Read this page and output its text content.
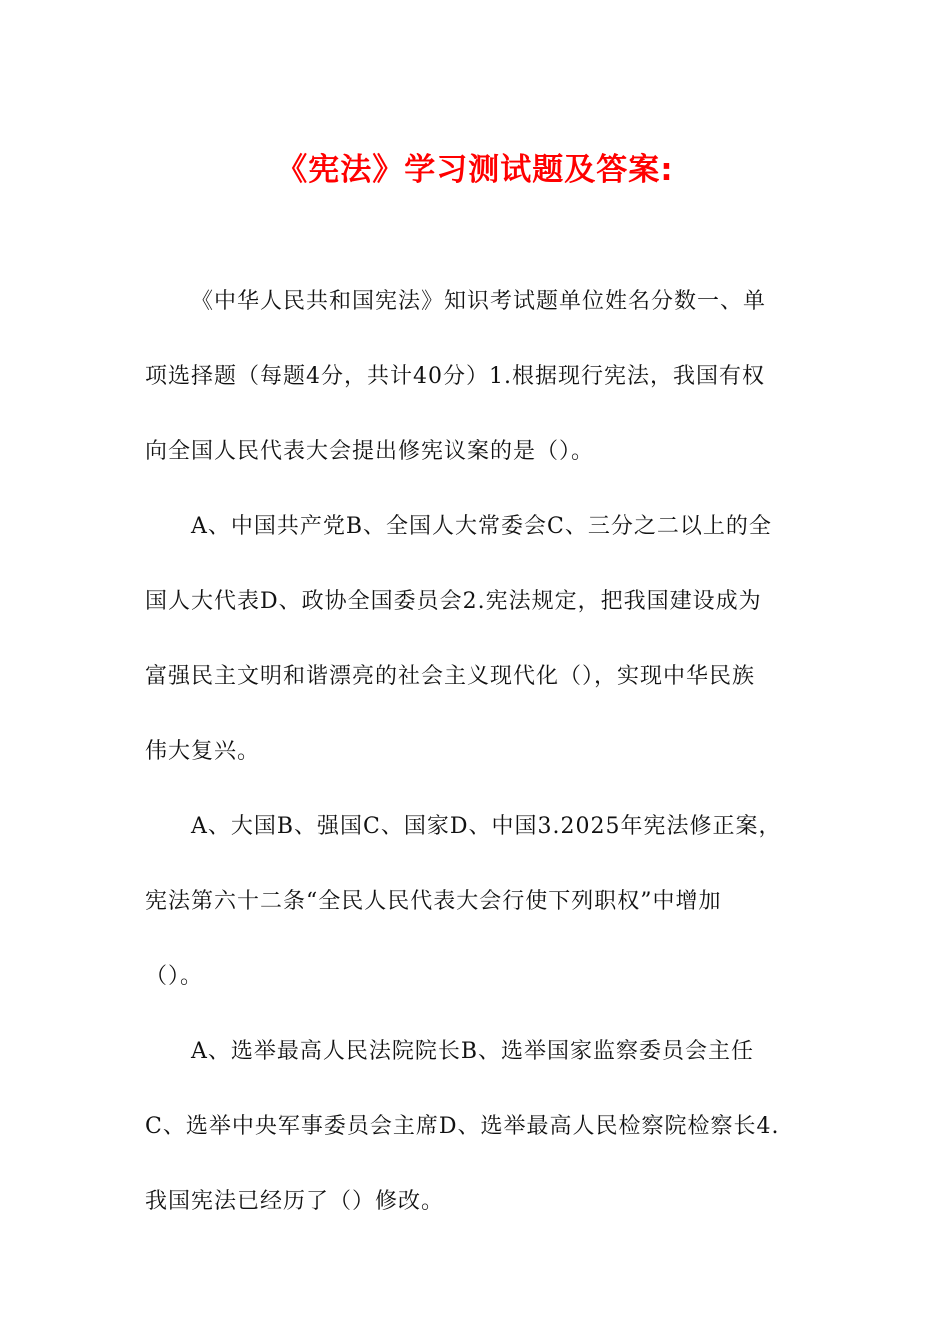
《宪法》学习测试题及答案:
《中华人民共和国宪法》知识考试题单位姓名分数一、单
项选择题（每题4分，共计40分）1.根据现行宪法，我国有权
向全国人民代表大会提出修宪议案的是（）。
A、中国共产党B、全国人大常委会C、三分之二以上的全
国人大代表D、政协全国委员会2.宪法规定，把我国建设成为
富强民主文明和谐漂亮的社会主义现代化（），实现中华民族
伟大复兴。
A、大国B、强国C、国家D、中国3.2025年宪法修正案，
宪法第六十二条“全民人民代表大会行使下列职权”中增加
（）。
A、选举最高人民法院院长B、选举国家监察委员会主任
C、选举中央军事委员会主席D、选举最高人民检察院检察长4.
我国宪法已经历了（）修改。
